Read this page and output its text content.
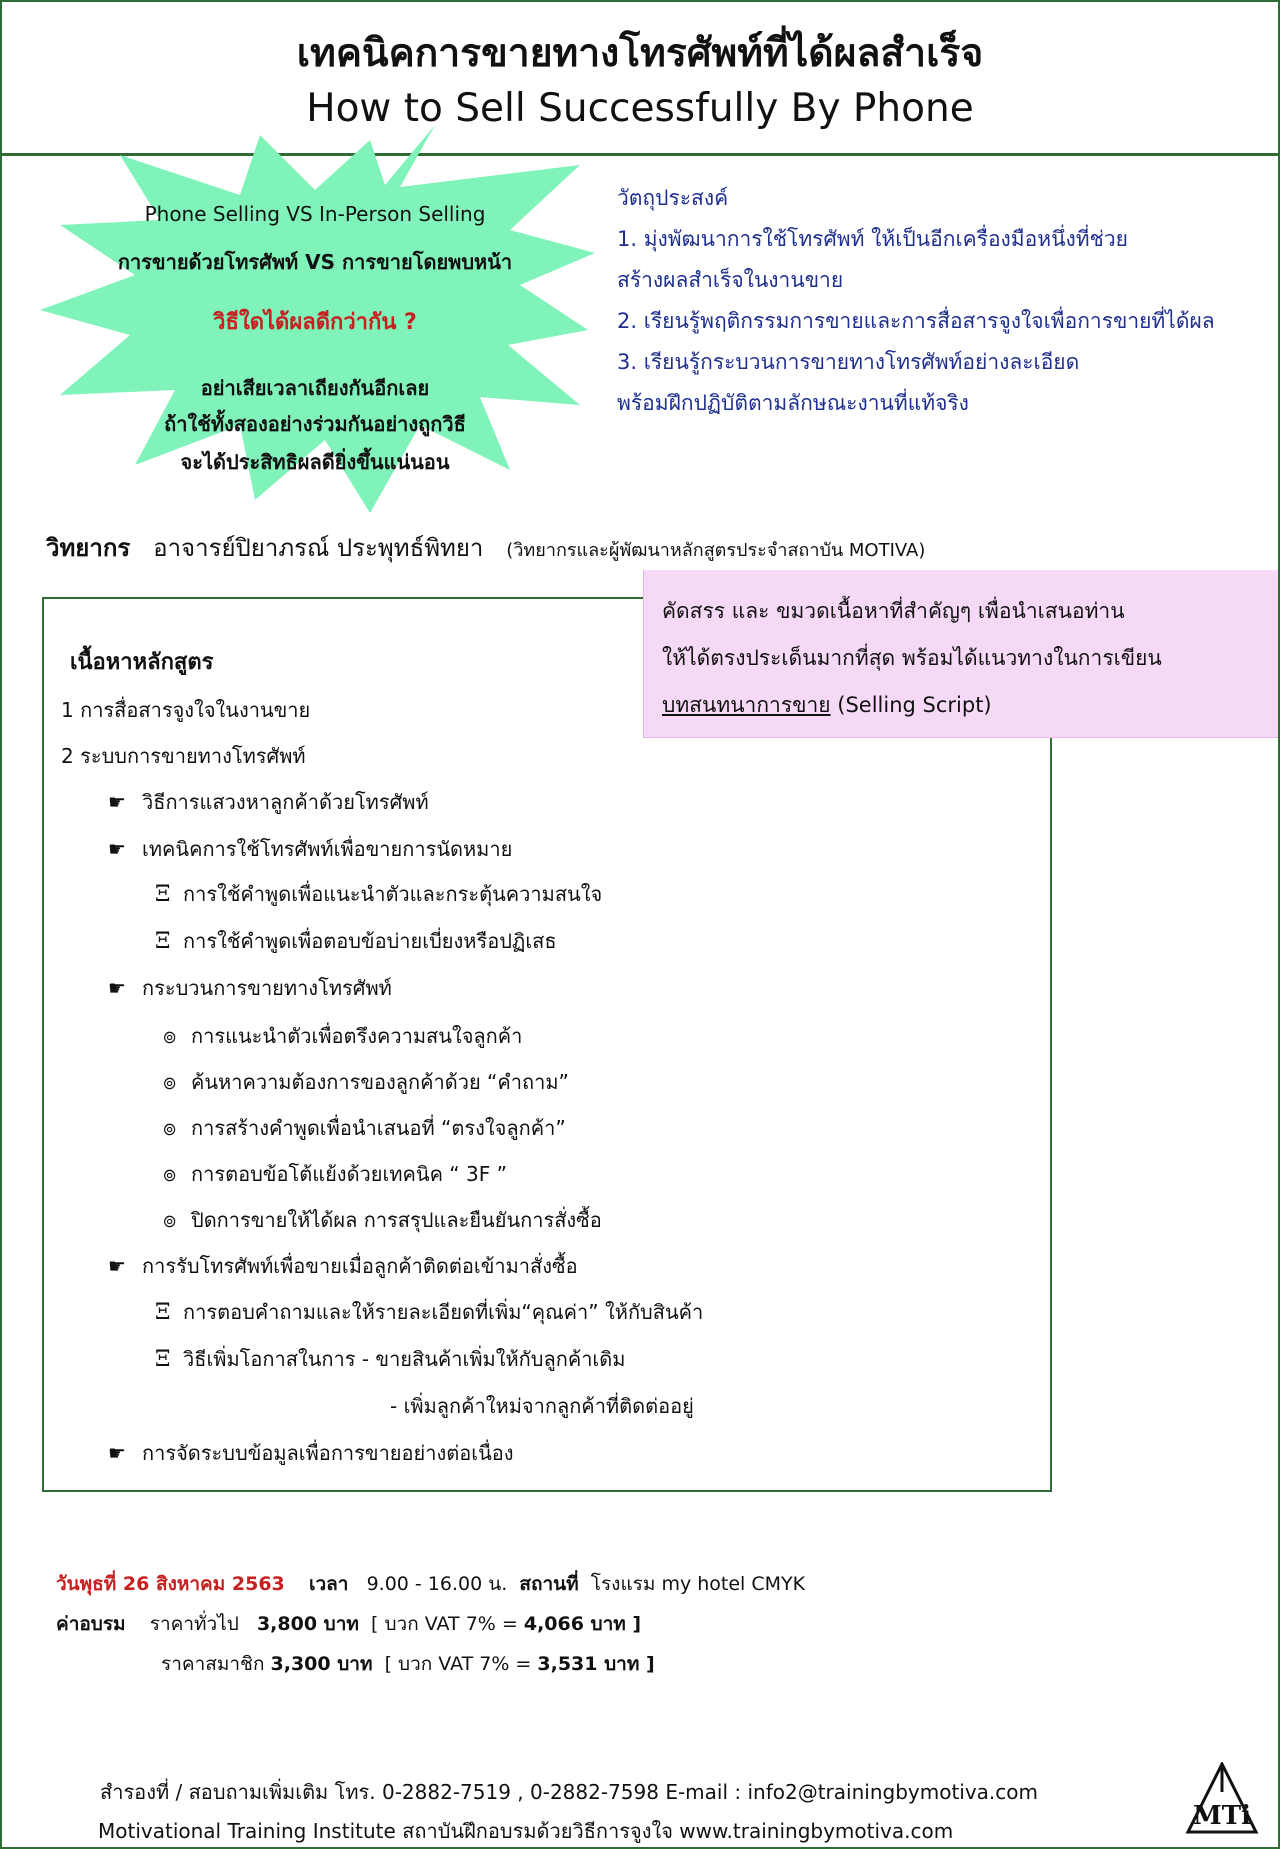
เทคนิคการขายทางโทรศัพท์ที่ได้ผลสำเร็จ
How to Sell Successfully By Phone
Phone Selling VS In-Person Selling
การขายด้วยโทรศัพท์ VS การขายโดยพบหน้า
วิธีใดได้ผลดีกว่ากัน ?
อย่าเสียเวลาเถียงกันอีกเลย
ถ้าใช้ทั้งสองอย่างร่วมกันอย่างถูกวิธี
จะได้ประสิทธิผลดียิ่งขึ้นแน่นอน
วัตถุประสงค์
1. มุ่งพัฒนาการใช้โทรศัพท์ ให้เป็นอีกเครื่องมือหนึ่งที่ช่วย
สร้างผลสำเร็จในงานขาย
2. เรียนรู้พฤติกรรมการขายและการสื่อสารจูงใจเพื่อการขายที่ได้ผล
3. เรียนรู้กระบวนการขายทางโทรศัพท์อย่างละเอียด
พร้อมฝึกปฏิบัติตามลักษณะงานที่แท้จริง
วิทยากร อาจารย์ปิยาภรณ์ ประพุทธ์พิทยา (วิทยากรและผู้พัฒนาหลักสูตรประจำสถาบัน MOTIVA)
คัดสรร และ ขมวดเนื้อหาที่สำคัญๆ เพื่อนำเสนอท่าน
ให้ได้ตรงประเด็นมากที่สุด พร้อมได้แนวทางในการเขียน
บทสนทนาการขาย (Selling Script)
เนื้อหาหลักสูตร
1 การสื่อสารจูงใจในงานขาย
2 ระบบการขายทางโทรศัพท์
☛ วิธีการแสวงหาลูกค้าด้วยโทรศัพท์
☛ เทคนิคการใช้โทรศัพท์เพื่อขายการนัดหมาย
Ξ การใช้คำพูดเพื่อแนะนำตัวและกระตุ้นความสนใจ
Ξ การใช้คำพูดเพื่อตอบข้อบ่ายเบี่ยงหรือปฏิเสธ
☛ กระบวนการขายทางโทรศัพท์
๏ การแนะนำตัวเพื่อตรึงความสนใจลูกค้า
๏ ค้นหาความต้องการของลูกค้าด้วย “คำถาม”
๏ การสร้างคำพูดเพื่อนำเสนอที่ “ตรงใจลูกค้า”
๏ การตอบข้อโต้แย้งด้วยเทคนิค “ 3F ”
๏ ปิดการขายให้ได้ผล การสรุปและยืนยันการสั่งซื้อ
☛ การรับโทรศัพท์เพื่อขายเมื่อลูกค้าติดต่อเข้ามาสั่งซื้อ
Ξ การตอบคำถามและให้รายละเอียดที่เพิ่ม“คุณค่า” ให้กับสินค้า
Ξ วิธีเพิ่มโอกาสในการ - ขายสินค้าเพิ่มให้กับลูกค้าเดิม
- เพิ่มลูกค้าใหม่จากลูกค้าที่ติดต่ออยู่
☛ การจัดระบบข้อมูลเพื่อการขายอย่างต่อเนื่อง
วันพุธที่ 26 สิงหาคม 2563 เวลา 9.00 - 16.00 น. สถานที่ โรงแรม my hotel CMYK
ค่าอบรม ราคาทั่วไป 3,800 บาท [ บวก VAT 7% = 4,066 บาท ]
ราคาสมาชิก 3,300 บาท [ บวก VAT 7% = 3,531 บาท ]
สำรองที่ / สอบถามเพิ่มเติม โทร. 0-2882-7519 , 0-2882-7598 E-mail : info2@trainingbymotiva.com
Motivational Training Institute สถาบันฝึกอบรมด้วยวิธีการจูงใจ www.trainingbymotiva.com	MTi
